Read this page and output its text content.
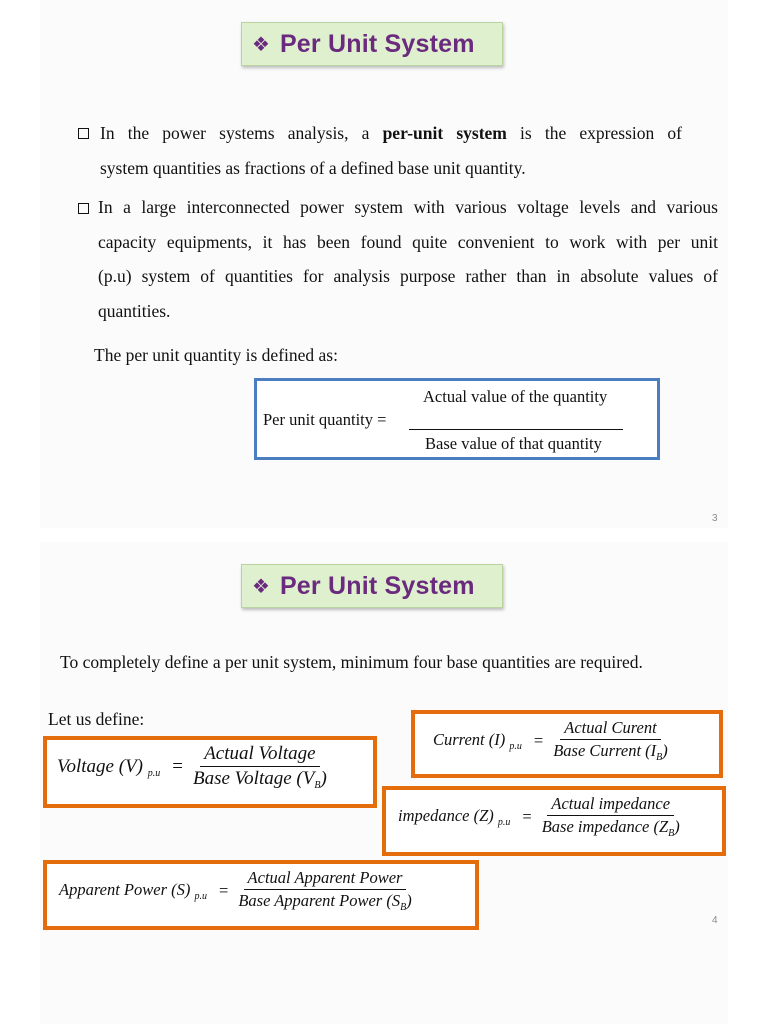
❖ Per Unit System
In the power systems analysis, a per-unit system is the expression of
system quantities as fractions of a defined base unit quantity.
In a large interconnected power system with various voltage levels and various
capacity equipments, it has been found quite convenient to work with per unit
(p.u) system of quantities for analysis purpose rather than in absolute values of
quantities.
The per unit quantity is defined as:
Actual value of the quantity
Per unit quantity =
Base value of that quantity
3
❖ Per Unit System
To completely define a per unit system, minimum four base quantities are required.
Let us define:
Voltage (V) $_{p.u} = \frac{\text{Actual Voltage}}{Base Voltage (V_B)}$
Current (I) $_{p.u} = \frac{\text{Actual Curent}}{Base Current (I_B)}$
impedance (Z) $_{p.u} = \frac{\text{Actual impedance}}{Base impedance (Z_B)}$
Apparent Power (S) $_{p.u} = \frac{\text{Actual Apparent Power}}{Base Apparent Power (S_B)}$
4
